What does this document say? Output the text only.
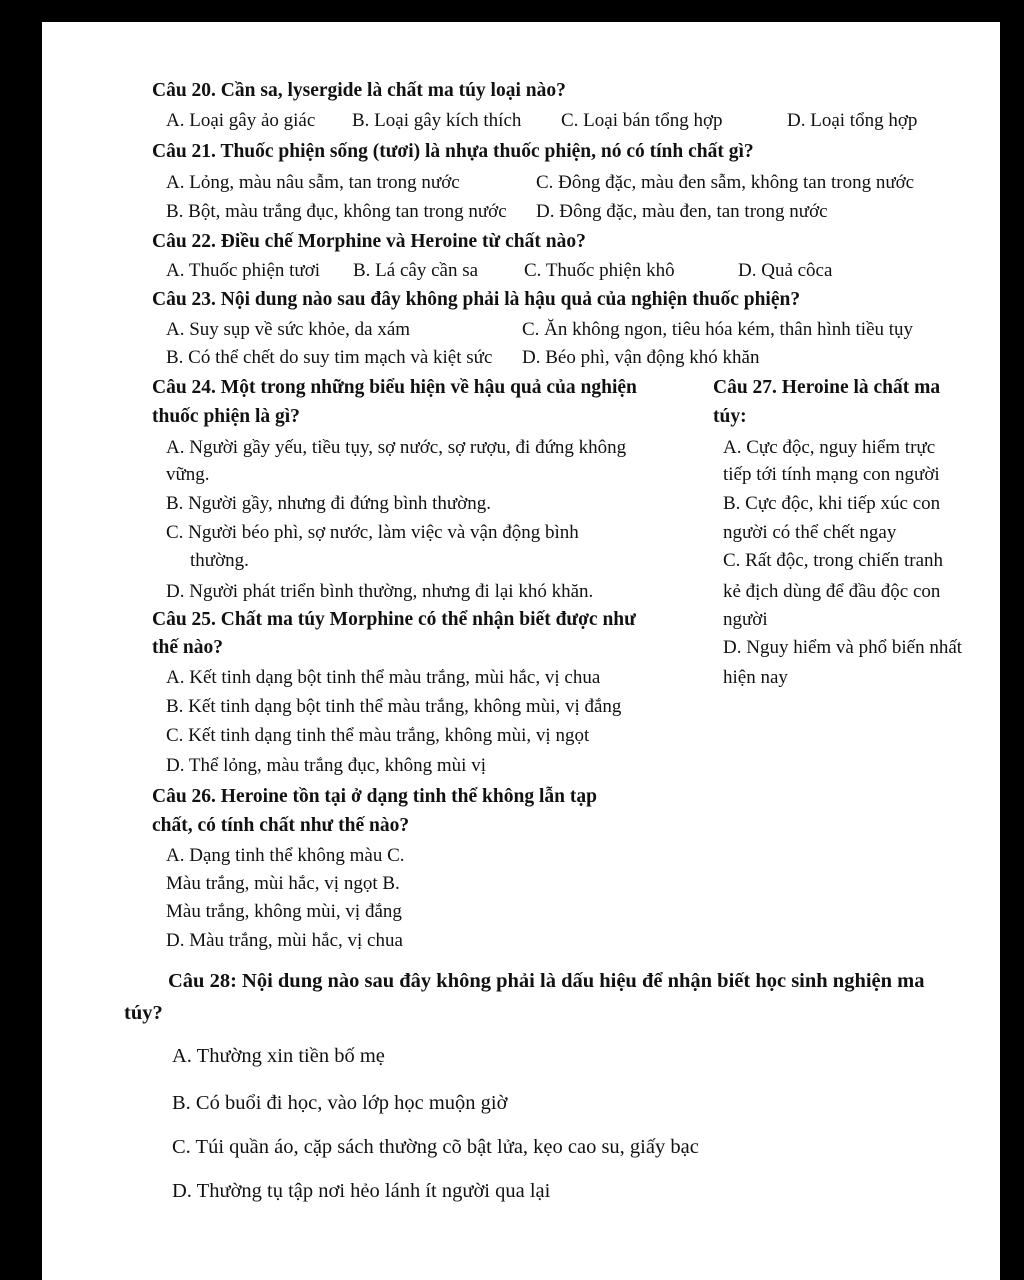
Câu 20. Cần sa, lysergide là chất ma túy loại nào?
A. Loại gây ảo giác B. Loại gây kích thích C. Loại bán tổng hợp	D. Loại tổng hợp
Câu 21. Thuốc phiện sống (tươi) là nhựa thuốc phiện, nó có tính chất gì?
A. Lỏng, màu nâu sẫm, tan trong nước	C. Đông đặc, màu đen sẫm, không tan trong nước
B. Bột, màu trắng đục, không tan trong nước D. Đông đặc, màu đen, tan trong nước
Câu 22. Điều chế Morphine và Heroine từ chất nào?
A. Thuốc phiện tươi B. Lá cây cần sa C. Thuốc phiện khô	D. Quả côca
Câu 23. Nội dung nào sau đây không phải là hậu quả của nghiện thuốc phiện?
A. Suy sụp về sức khỏe, da xám	C. Ăn không ngon, tiêu hóa kém, thân hình tiều tụy
B. Có thể chết do suy tim mạch và kiệt sức D. Béo phì, vận động khó khăn
Câu 24. Một trong những biểu hiện về hậu quả của nghiện
thuốc phiện là gì?
A. Người gầy yếu, tiều tụy, sợ nước, sợ rượu, đi đứng không
vững.
B. Người gầy, nhưng đi đứng bình thường.
C. Người béo phì, sợ nước, làm việc và vận động bình
thường.
D. Người phát triển bình thường, nhưng đi lại khó khăn.
Câu 25. Chất ma túy Morphine có thể nhận biết được như
thế nào?
A. Kết tinh dạng bột tinh thể màu trắng, mùi hắc, vị chua
B. Kết tinh dạng bột tinh thể màu trắng, không mùi, vị đắng
C. Kết tinh dạng tinh thể màu trắng, không mùi, vị ngọt
D. Thể lỏng, màu trắng đục, không mùi vị
Câu 26. Heroine tồn tại ở dạng tinh thể không lẫn tạp
chất, có tính chất như thế nào?
A. Dạng tinh thể không màu C.
Màu trắng, mùi hắc, vị ngọt B.
Màu trắng, không mùi, vị đắng
D. Màu trắng, mùi hắc, vị chua
Câu 27. Heroine là chất ma
túy:
A. Cực độc, nguy hiểm trực
tiếp tới tính mạng con người
B. Cực độc, khi tiếp xúc con
người có thể chết ngay
C. Rất độc, trong chiến tranh
kẻ địch dùng để đầu độc con
người
D. Nguy hiểm và phổ biến nhất
hiện nay
Câu 28: Nội dung nào sau đây không phải là dấu hiệu để nhận biết học sinh nghiện ma
túy?
A. Thường xin tiền bố mẹ
B. Có buổi đi học, vào lớp học muộn giờ
C. Túi quần áo, cặp sách thường cõ bật lửa, kẹo cao su, giấy bạc
D. Thường tụ tập nơi hẻo lánh ít người qua lại
